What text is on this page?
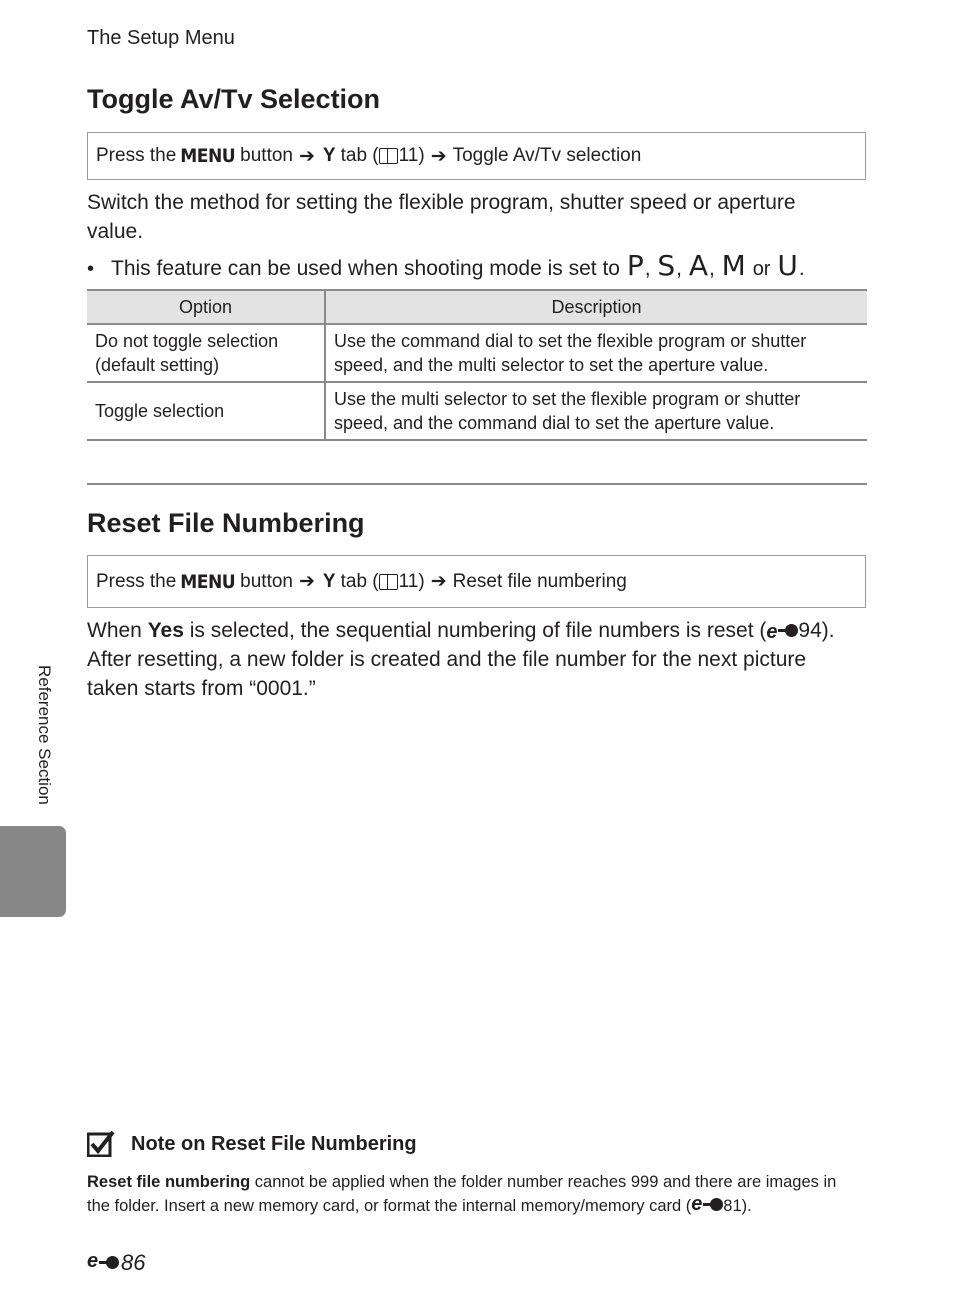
The Setup Menu
Toggle Av/Tv Selection
Press the MENU button ➔ Y tab ( 11) ➔ Toggle Av/Tv selection
Switch the method for setting the flexible program, shutter speed or aperture value.
• This feature can be used when shooting mode is set to
P , S , A , M
or
U .
Option	Description

Do not toggle selection
(default setting)	Use the command dial to set the flexible program or shutter speed, and the multi selector to set the aperture value.

Toggle selection	Use the multi selector to set the flexible program or shutter speed, and the command dial to set the aperture value.
Reset File Numbering
Press the MENU button ➔ Y tab ( 11) ➔ Reset file numbering
When Yes is selected, the sequential numbering of file numbers is reset ( e 94).
After resetting, a new folder is created and the file number for the next picture taken starts from “0001.”
Reference Section
Note on Reset File Numbering
Reset file numbering cannot be applied when the folder number reaches 999 and there are images in the folder. Insert a new memory card, or format the internal memory/memory card ( e 81).
e 86
